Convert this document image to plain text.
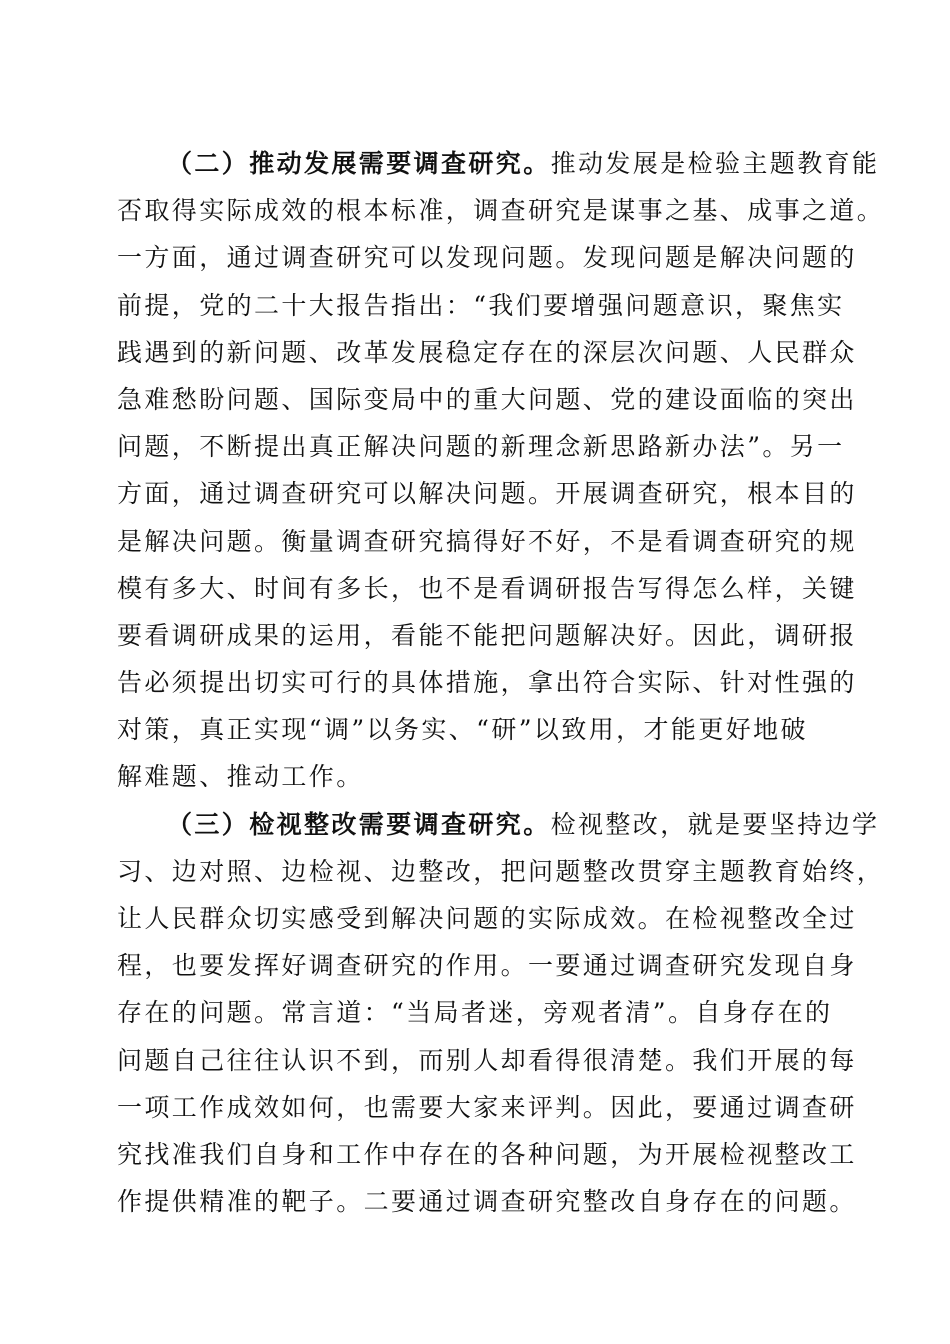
（二）推动发展需要调查研究。推动发展是检验主题教育能
否取得实际成效的根本标准，调查研究是谋事之基、成事之道。
一方面，通过调查研究可以发现问题。发现问题是解决问题的
前提，党的二十大报告指出：“我们要增强问题意识，聚焦实
践遇到的新问题、改革发展稳定存在的深层次问题、人民群众
急难愁盼问题、国际变局中的重大问题、党的建设面临的突出
问题，不断提出真正解决问题的新理念新思路新办法”。另一
方面，通过调查研究可以解决问题。开展调查研究，根本目的
是解决问题。衡量调查研究搞得好不好，不是看调查研究的规
模有多大、时间有多长，也不是看调研报告写得怎么样，关键
要看调研成果的运用，看能不能把问题解决好。因此，调研报
告必须提出切实可行的具体措施，拿出符合实际、针对性强的
对策，真正实现“调”以务实、“研”以致用，才能更好地破
解难题、推动工作。
（三）检视整改需要调查研究。检视整改，就是要坚持边学
习、边对照、边检视、边整改，把问题整改贯穿主题教育始终，
让人民群众切实感受到解决问题的实际成效。在检视整改全过
程，也要发挥好调查研究的作用。一要通过调查研究发现自身
存在的问题。常言道：“当局者迷，旁观者清”。自身存在的
问题自己往往认识不到，而别人却看得很清楚。我们开展的每
一项工作成效如何，也需要大家来评判。因此，要通过调查研
究找准我们自身和工作中存在的各种问题，为开展检视整改工
作提供精准的靶子。二要通过调查研究整改自身存在的问题。
